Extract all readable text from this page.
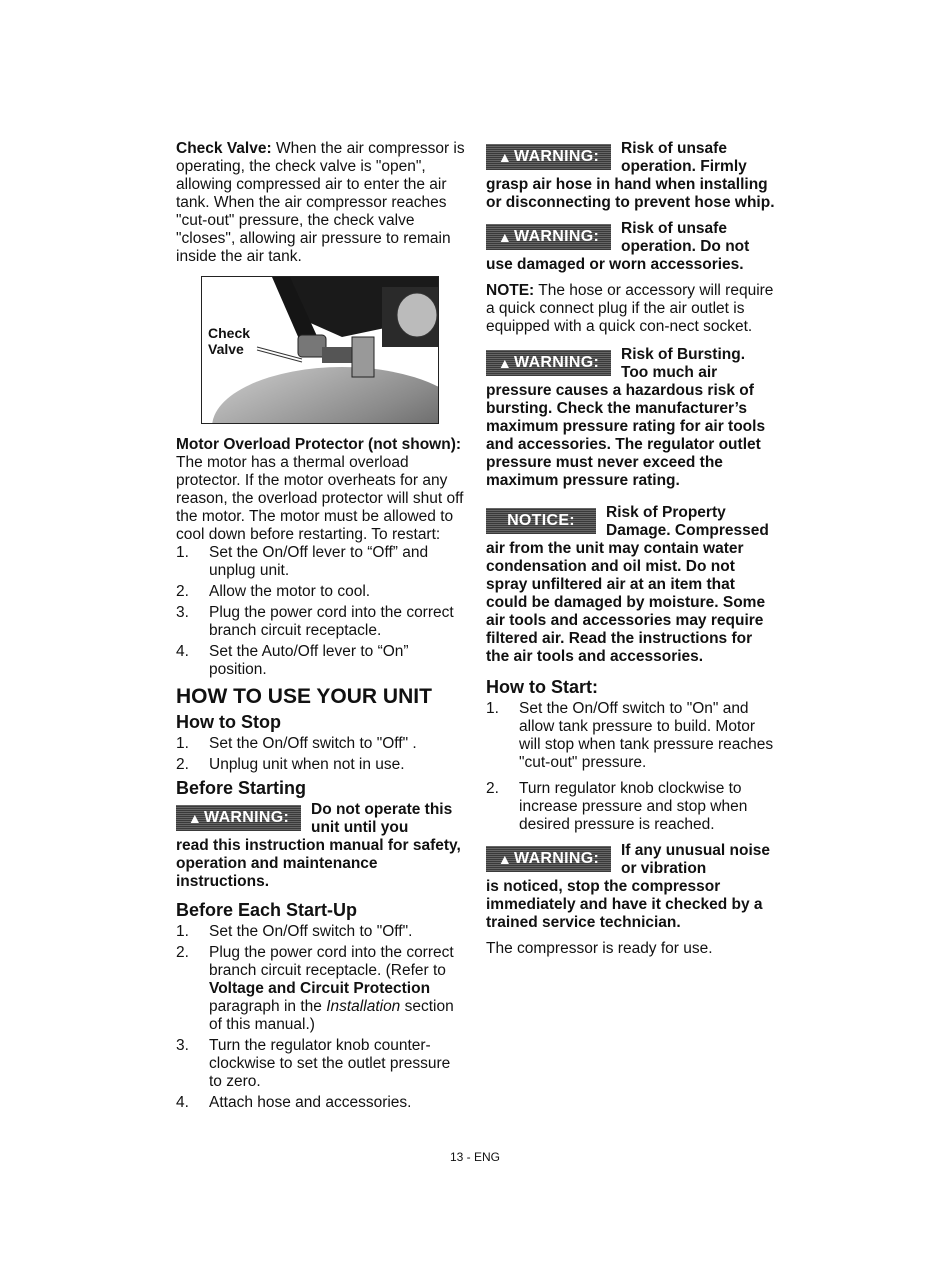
Check Valve: When the air compressor is operating, the check valve is "open", allowing compressed air to enter the air tank. When the air compressor reaches "cut-out" pressure, the check valve "closes", allowing air pressure to remain inside the air tank.

Check
Valve

Motor Overload Protector (not shown): The motor has a thermal overload protector. If the motor overheats for any reason, the overload protector will shut off the motor. The motor must be allowed to cool down before restarting. To restart:

1. Set the On/Off lever to “Off” and unplug unit.
2. Allow the motor to cool.
3. Plug the power cord into the correct branch circuit receptacle.
4. Set the Auto/Off lever to “On” position.
HOW TO USE YOUR UNIT
How to Stop
1. Set the On/Off switch to "Off" .
2. Unplug unit when not in use.
Before Starting
▲ WARNING: Do not operate this unit until you
read this instruction manual for safety, operation and maintenance instructions.
Before Each Start-Up
1. Set the On/Off switch to "Off".
2. Plug the power cord into the correct branch circuit receptacle. (Refer to Voltage and Circuit Protection paragraph in the Installation section of this manual.)
3. Turn the regulator knob counter-clockwise to set the outlet pressure to zero.
4. Attach hose and accessories.
▲ WARNING: Risk of unsafe operation. Firmly
grasp air hose in hand when installing or disconnecting to prevent hose whip.
▲ WARNING: Risk of unsafe operation. Do not
use damaged or worn accessories.

NOTE: The hose or accessory will require a quick connect plug if the air outlet is equipped with a quick con-nect socket.

▲ WARNING: Risk of Bursting. Too much air
pressure causes a hazardous risk of bursting. Check the manufacturer’s maximum pressure rating for air tools and accessories. The regulator outlet pressure must never exceed the maximum pressure rating.
NOTICE: Risk of Property Damage. Compressed
air from the unit may contain water condensation and oil mist. Do not spray unfiltered air at an item that could be damaged by moisture. Some air tools and accessories may require filtered air. Read the instructions for the air tools and accessories.
How to Start:
1. Set the On/Off switch to "On" and allow tank pressure to build. Motor will stop when tank pressure reaches "cut-out" pressure.
2. Turn regulator knob clockwise to increase pressure and stop when desired pressure is reached.
▲ WARNING: If any unusual noise or vibration
is noticed, stop the compressor immediately and have it checked by a trained service technician.

The compressor is ready for use.

13 - ENG
